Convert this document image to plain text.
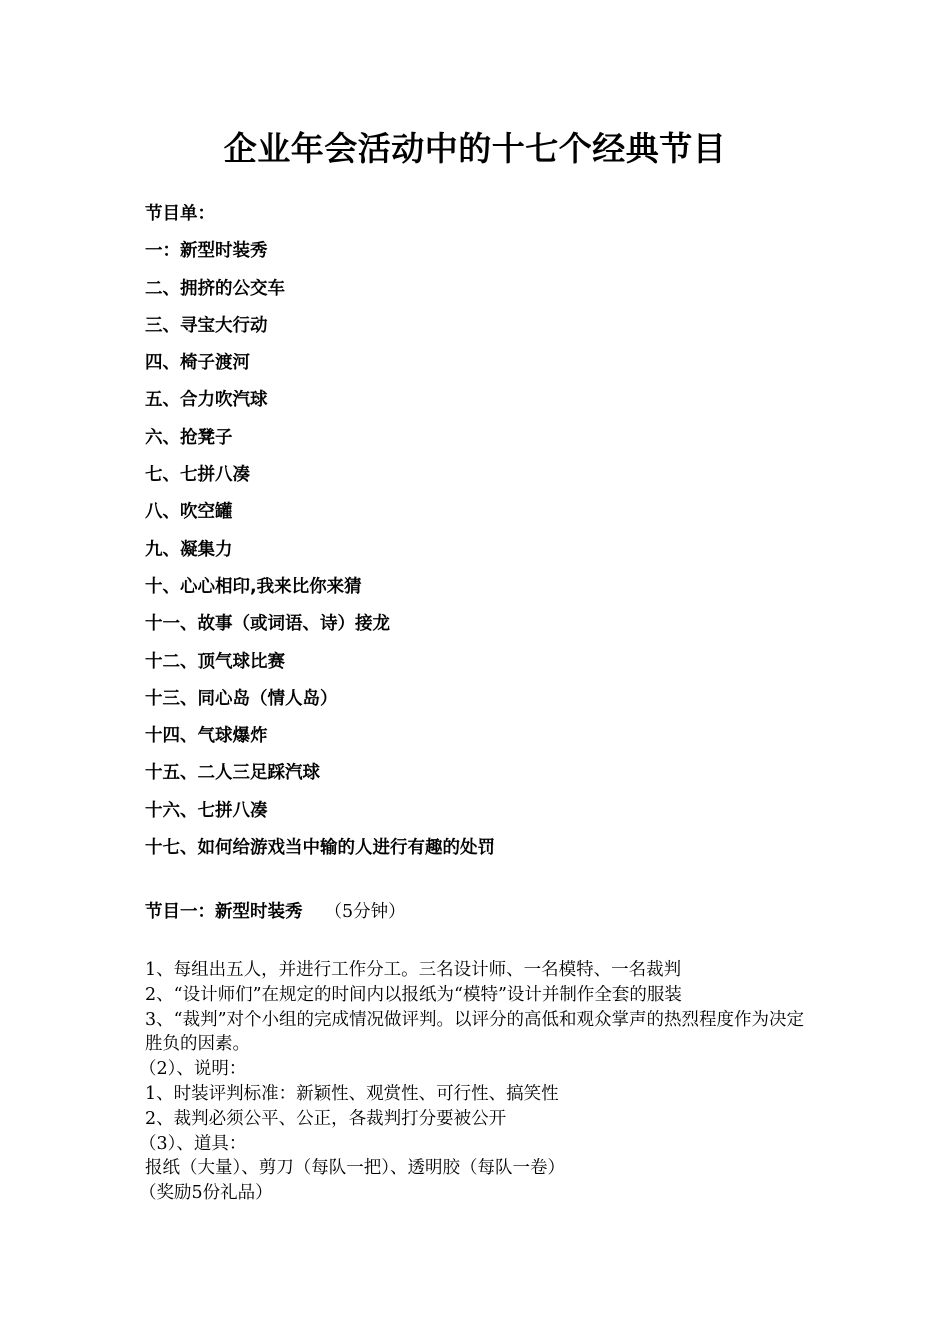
企业年会活动中的十七个经典节目
节目单：
一：新型时装秀
二、拥挤的公交车
三、寻宝大行动
四、椅子渡河
五、合力吹汽球
六、抢凳子
七、七拼八凑
八、吹空罐
九、凝集力
十、心心相印,我来比你来猜
十一、故事（或词语、诗）接龙
十二、顶气球比赛
十三、同心岛（情人岛）
十四、气球爆炸
十五、二人三足踩汽球
十六、七拼八凑
十七、如何给游戏当中输的人进行有趣的处罚
节目一：新型时装秀 （5分钟）
1、每组出五人，并进行工作分工。三名设计师、一名模特、一名裁判
2、“设计师们”在规定的时间内以报纸为“模特”设计并制作全套的服装
3、“裁判”对个小组的完成情况做评判。以评分的高低和观众掌声的热烈程度作为决定胜负的因素。
（2）、说明：
1、时装评判标准：新颖性、观赏性、可行性、搞笑性
2、裁判必须公平、公正，各裁判打分要被公开
（3）、道具：
报纸（大量）、剪刀（每队一把）、透明胶（每队一卷）
（奖励5份礼品）
